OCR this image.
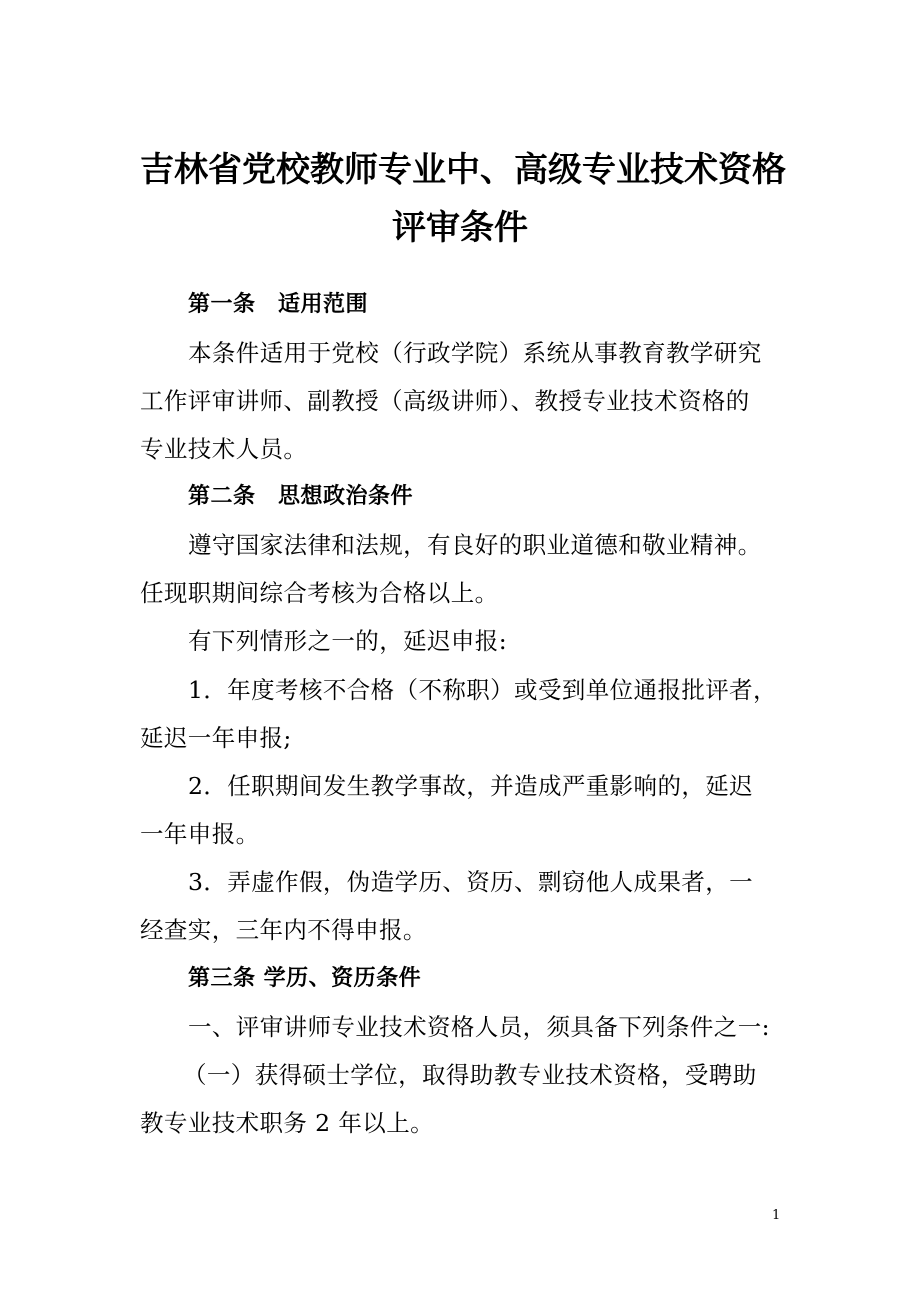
吉林省党校教师专业中、高级专业技术资格
评审条件
第一条　适用范围
本条件适用于党校（行政学院）系统从事教育教学研究
工作评审讲师、副教授（高级讲师）、教授专业技术资格的
专业技术人员。
第二条　思想政治条件
遵守国家法律和法规，有良好的职业道德和敬业精神。
任现职期间综合考核为合格以上。
有下列情形之一的，延迟申报:
1．年度考核不合格（不称职）或受到单位通报批评者，
延迟一年申报;
2．任职期间发生教学事故，并造成严重影响的，延迟
一年申报。
3．弄虚作假，伪造学历、资历、剽窃他人成果者，一
经查实，三年内不得申报。
第三条 学历、资历条件
一、评审讲师专业技术资格人员，须具备下列条件之一:
（一）获得硕士学位，取得助教专业技术资格，受聘助
教专业技术职务 2 年以上。
1
